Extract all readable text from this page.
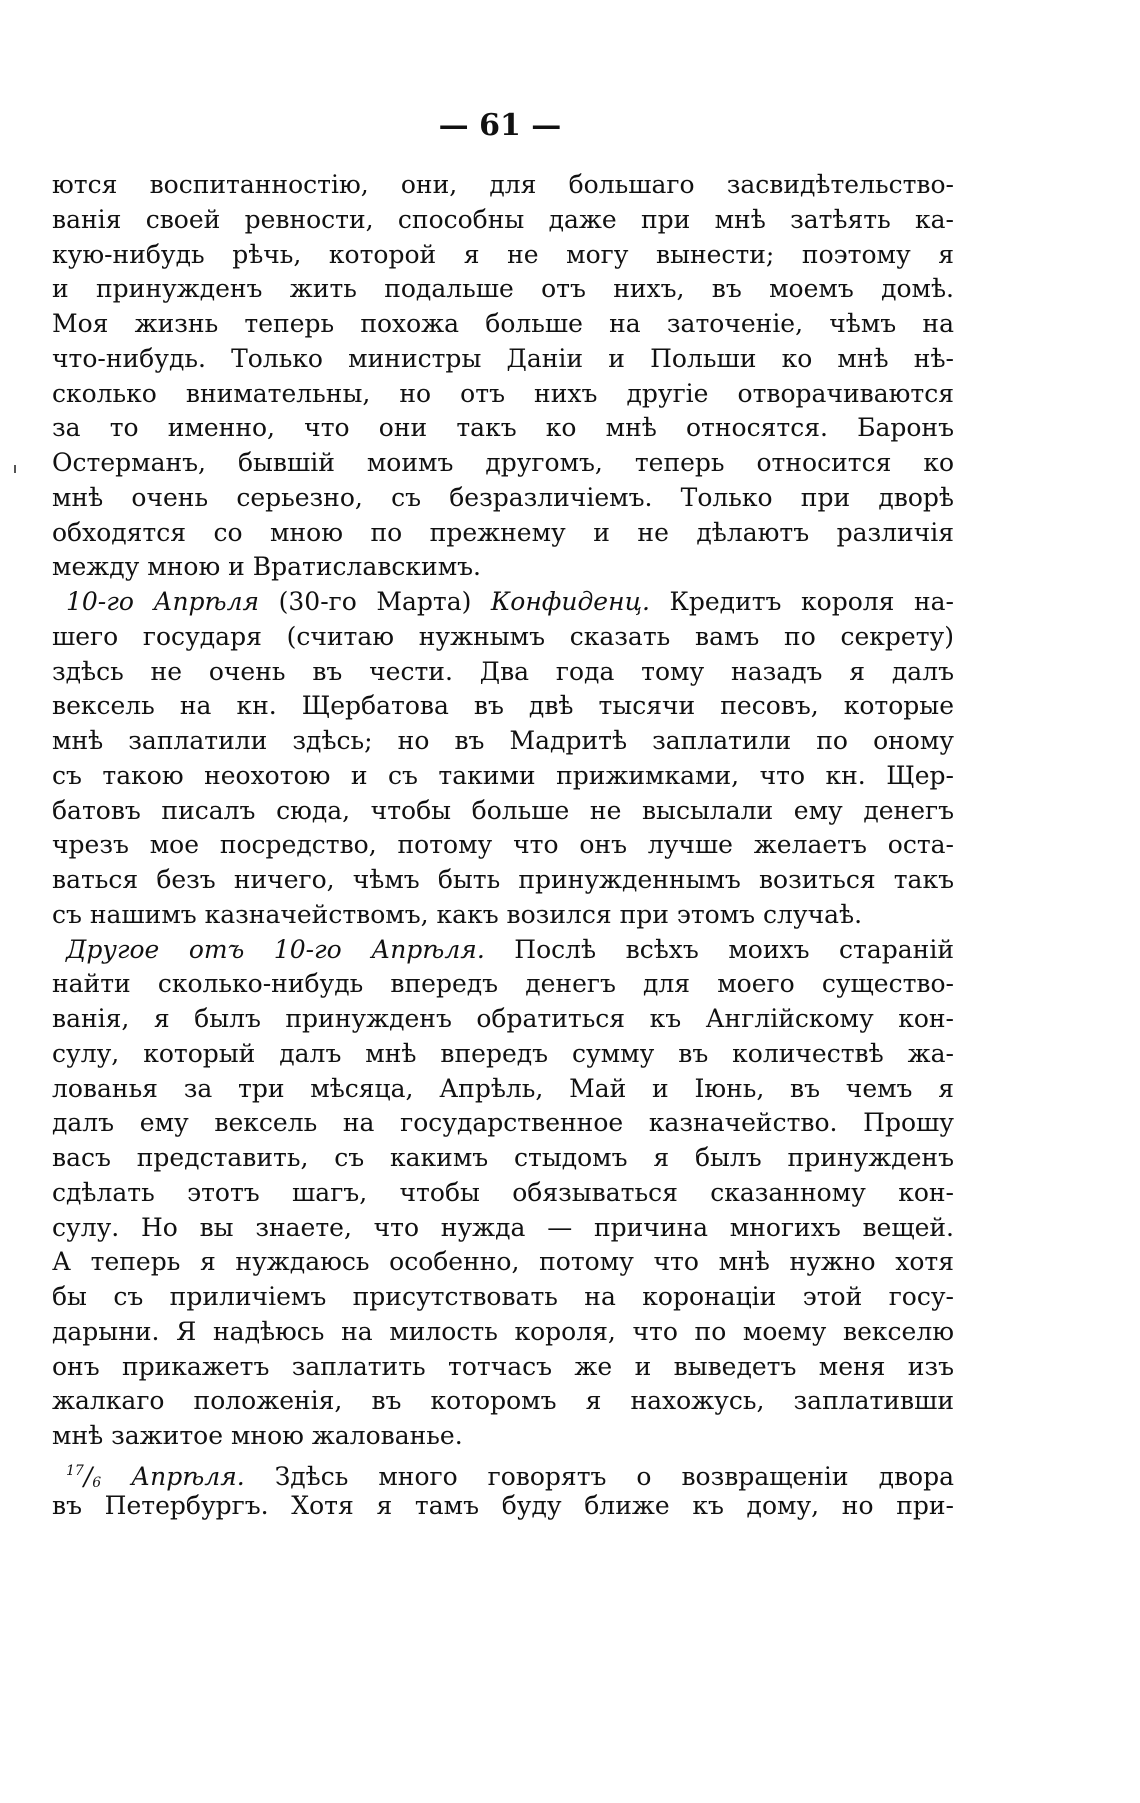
— 61 —
ются воспитанностію, они, для большаго засвидѣтельство-
ванія своей ревности, способны даже при мнѣ затѣять ка-
кую-нибудь рѣчь, которой я не могу вынести; поэтому я
и принужденъ жить подальше отъ нихъ, въ моемъ домѣ.
Моя жизнь теперь похожа больше на заточеніе, чѣмъ на
что-нибудь. Только министры Даніи и Польши ко мнѣ нѣ-
сколько внимательны, но отъ нихъ другіе отворачиваются
за то именно, что они такъ ко мнѣ относятся. Баронъ
Остерманъ, бывшій моимъ другомъ, теперь относится ко
мнѣ очень серьезно, съ безразличіемъ. Только при дворѣ
обходятся со мною по прежнему и не дѣлаютъ различія
между мною и Вратиславскимъ.
10-го Апрѣля (30-го Марта) Конфиденц. Кредитъ короля на-
шего государя (считаю нужнымъ сказать вамъ по секрету)
здѣсь не очень въ чести. Два года тому назадъ я далъ
вексель на кн. Щербатова въ двѣ тысячи песовъ, которые
мнѣ заплатили здѣсь; но въ Мадритѣ заплатили по оному
съ такою неохотою и съ такими прижимками, что кн. Щер-
батовъ писалъ сюда, чтобы больше не высылали ему денегъ
чрезъ мое посредство, потому что онъ лучше желаетъ оста-
ваться безъ ничего, чѣмъ быть принужденнымъ возиться такъ
съ нашимъ казначействомъ, какъ возился при этомъ случаѣ.
Другое отъ 10-го Апрѣля. Послѣ всѣхъ моихъ стараній
найти сколько-нибудь впередъ денегъ для моего существо-
ванія, я былъ принужденъ обратиться къ Англійскому кон-
сулу, который далъ мнѣ впередъ сумму въ количествѣ жа-
лованья за три мѣсяца, Апрѣль, Май и Іюнь, въ чемъ я
далъ ему вексель на государственное казначейство. Прошу
васъ представить, съ какимъ стыдомъ я былъ принужденъ
сдѣлать этотъ шагъ, чтобы обязываться сказанному кон-
сулу. Но вы знаете, что нужда — причина многихъ вещей.
А теперь я нуждаюсь особенно, потому что мнѣ нужно хотя
бы съ приличіемъ присутствовать на коронаціи этой госу-
дарыни. Я надѣюсь на милость короля, что по моему векселю
онъ прикажетъ заплатить тотчасъ же и выведетъ меня изъ
жалкаго положенія, въ которомъ я нахожусь, заплативши
мнѣ зажитое мною жалованье.
$^{17}/_6$ Апрѣля. Здѣсь много говорятъ о возвращеніи двора
въ Петербургъ. Хотя я тамъ буду ближе къ дому, но при-
